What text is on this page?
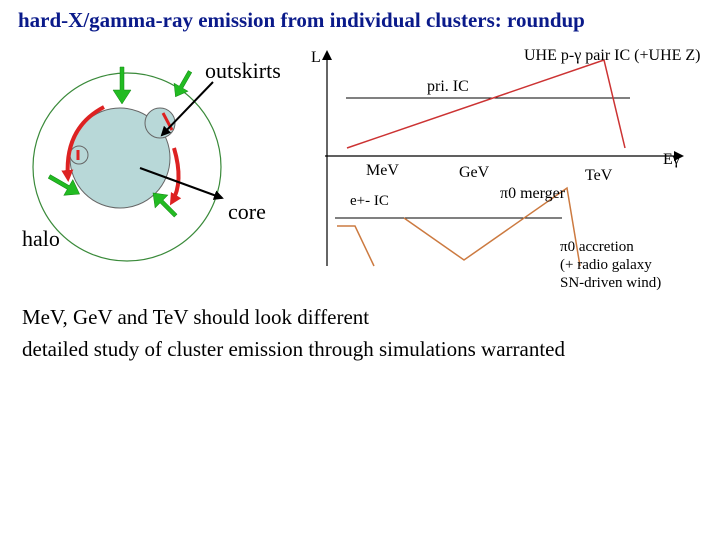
hard-X/gamma-ray emission from individual clusters: roundup
outskirts
core
halo
L	UHE p-γ pair IC (+UHE Z)
pri. IC
MeV	GeV	TeV
Eγ
e+- IC	π0 merger
π0 accretion
(+ radio galaxy
SN-driven wind)
MeV, GeV and TeV should look different
detailed study of cluster emission through simulations warranted
